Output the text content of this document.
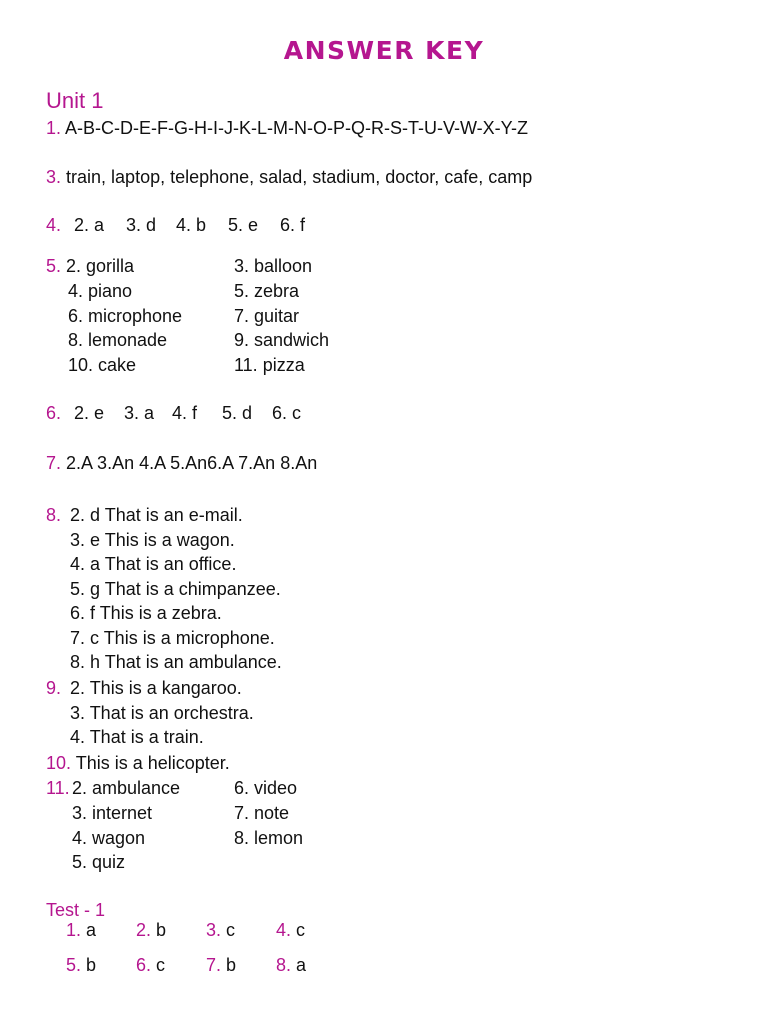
ANSWER KEY
Unit 1
1. A-B-C-D-E-F-G-H-I-J-K-L-M-N-O-P-Q-R-S-T-U-V-W-X-Y-Z
3. train, laptop, telephone, salad, stadium, doctor, cafe, camp
4. 2. a 3. d 4. b 5. e 6. f
5. 2. gorilla
4. piano
6. microphone
8. lemonade
10. cake
3. balloon
5. zebra
7. guitar
9. sandwich
11. pizza
6. 2. e 3. a 4. f 5. d 6. c
7. 2.A 3.An 4.A 5.An6.A 7.An 8.An
8. 2. d That is an e-mail.
3. e This is a wagon.
4. a That is an office.
5. g That is a chimpanzee.
6. f This is a zebra.
7. c This is a microphone.
8. h That is an ambulance.
9. 2. This is a kangaroo.
3. That is an orchestra.
4. That is a train.
10. This is a helicopter.
11. 2. ambulance
3. internet
4. wagon
5. quiz
6. video
7. note
8. lemon
Test - 1
1. a 2. b 3. c 4. c
5. b 6. c 7. b 8. a
